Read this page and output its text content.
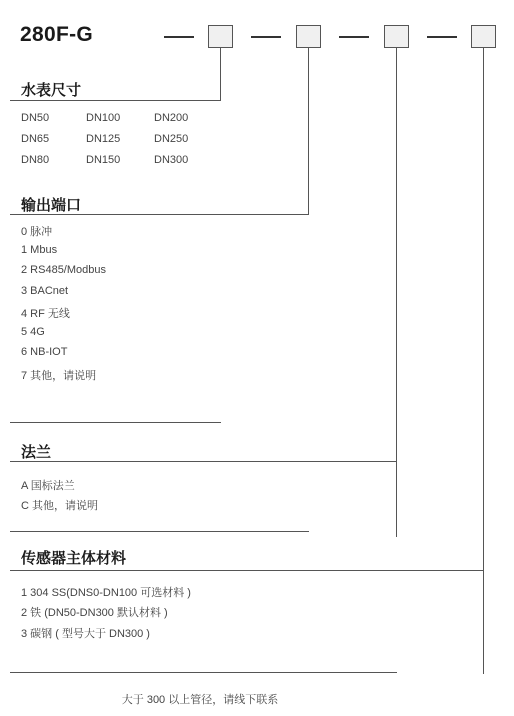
280F-G
水表尺寸
DN50
DN65
DN80
DN100
DN125
DN150
DN200
DN250
DN300
输出端口
0 脉冲
1 Mbus
2 RS485/Modbus
3 BACnet
4 RF 无线
5 4G
6 NB-IOT
7 其他，请说明
法兰
A 国标法兰
C 其他，请说明
传感器主体材料
1 304 SS(DNS0-DN100 可选材料 )
2 铁 (DN50-DN300 默认材料 )
3 碳钢 ( 型号大于 DN300 )
大于 300 以上管径，请线下联系
